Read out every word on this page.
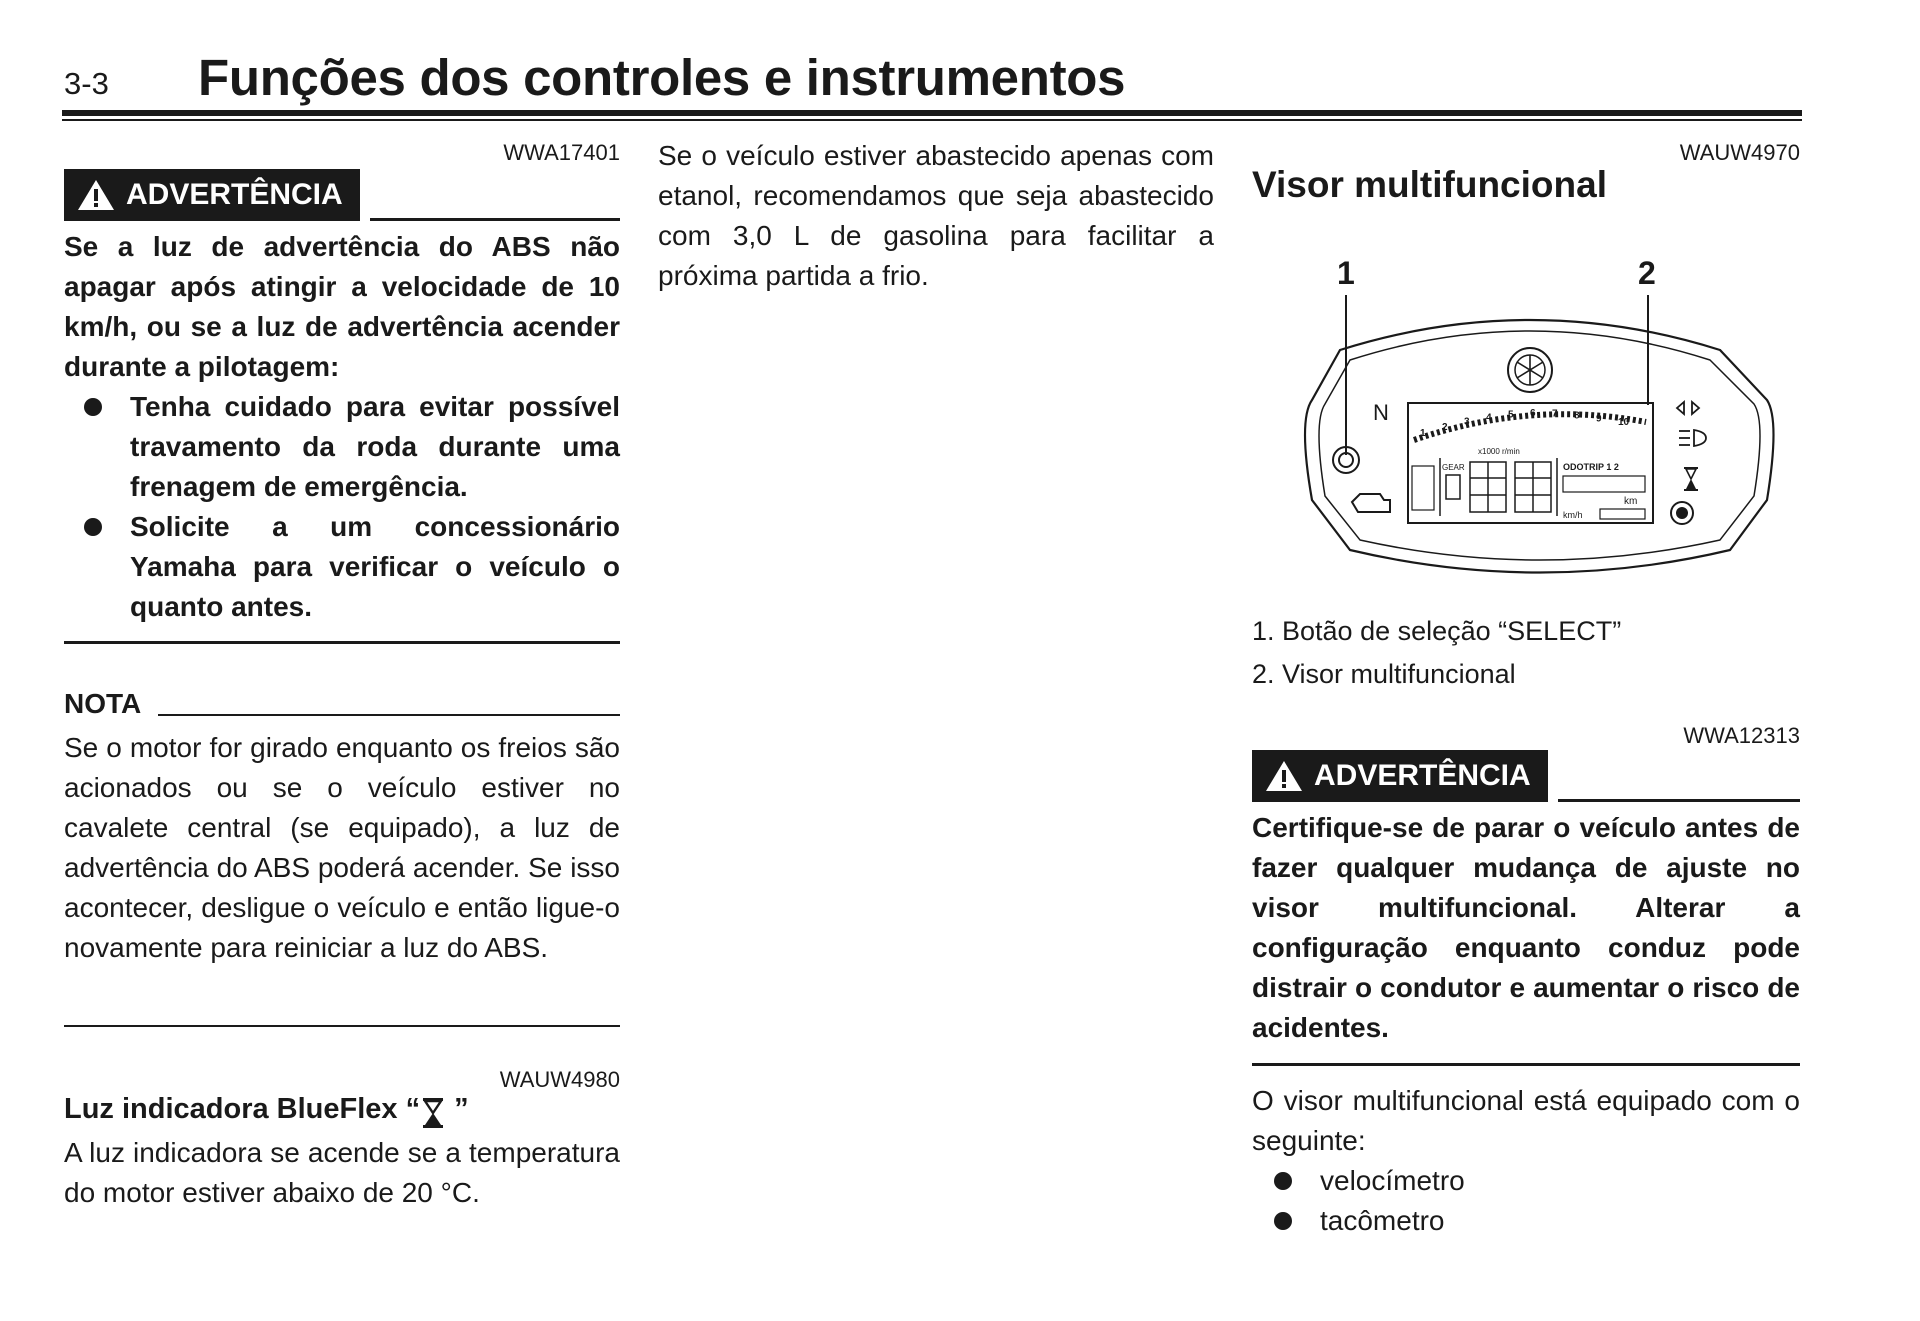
3-3 Funções dos controles e instrumentos
WWA17401
ADVERTÊNCIA
Se a luz de advertência do ABS não apagar após atingir a velocidade de 10 km/h, ou se a luz de advertência acender durante a pilotagem:
Tenha cuidado para evitar possível travamento da roda durante uma frenagem de emergência.
Solicite a um concessionário Yamaha para verificar o veículo o quanto antes.
NOTA
Se o motor for girado enquanto os freios são acionados ou se o veículo estiver no cavalete central (se equipado), a luz de advertência do ABS poderá acender. Se isso acontecer, desligue o veículo e então ligue-o novamente para reiniciar a luz do ABS.
WAUW4980
Luz indicadora BlueFlex “ ”
A luz indicadora se acende se a temperatura do motor estiver abaixo de 20 °C.
Se o veículo estiver abastecido apenas com etanol, recomendamos que seja abastecido com 3,0 L de gasolina para facilitar a próxima partida a frio.
WAUW4970
Visor multifuncional
1	2
N
1
2 3 4 5 6 7 8 9 10
x1000 r/min
GEAR	ODOTRIP 1 2
km
km/h
1. Botão de seleção “SELECT”
2. Visor multifuncional
WWA12313
ADVERTÊNCIA
Certifique-se de parar o veículo antes de fazer qualquer mudança de ajuste no visor multifuncional. Alterar a configuração enquanto conduz pode distrair o condutor e aumentar o risco de acidentes.
O visor multifuncional está equipado com o seguinte:
velocímetro
tacômetro
